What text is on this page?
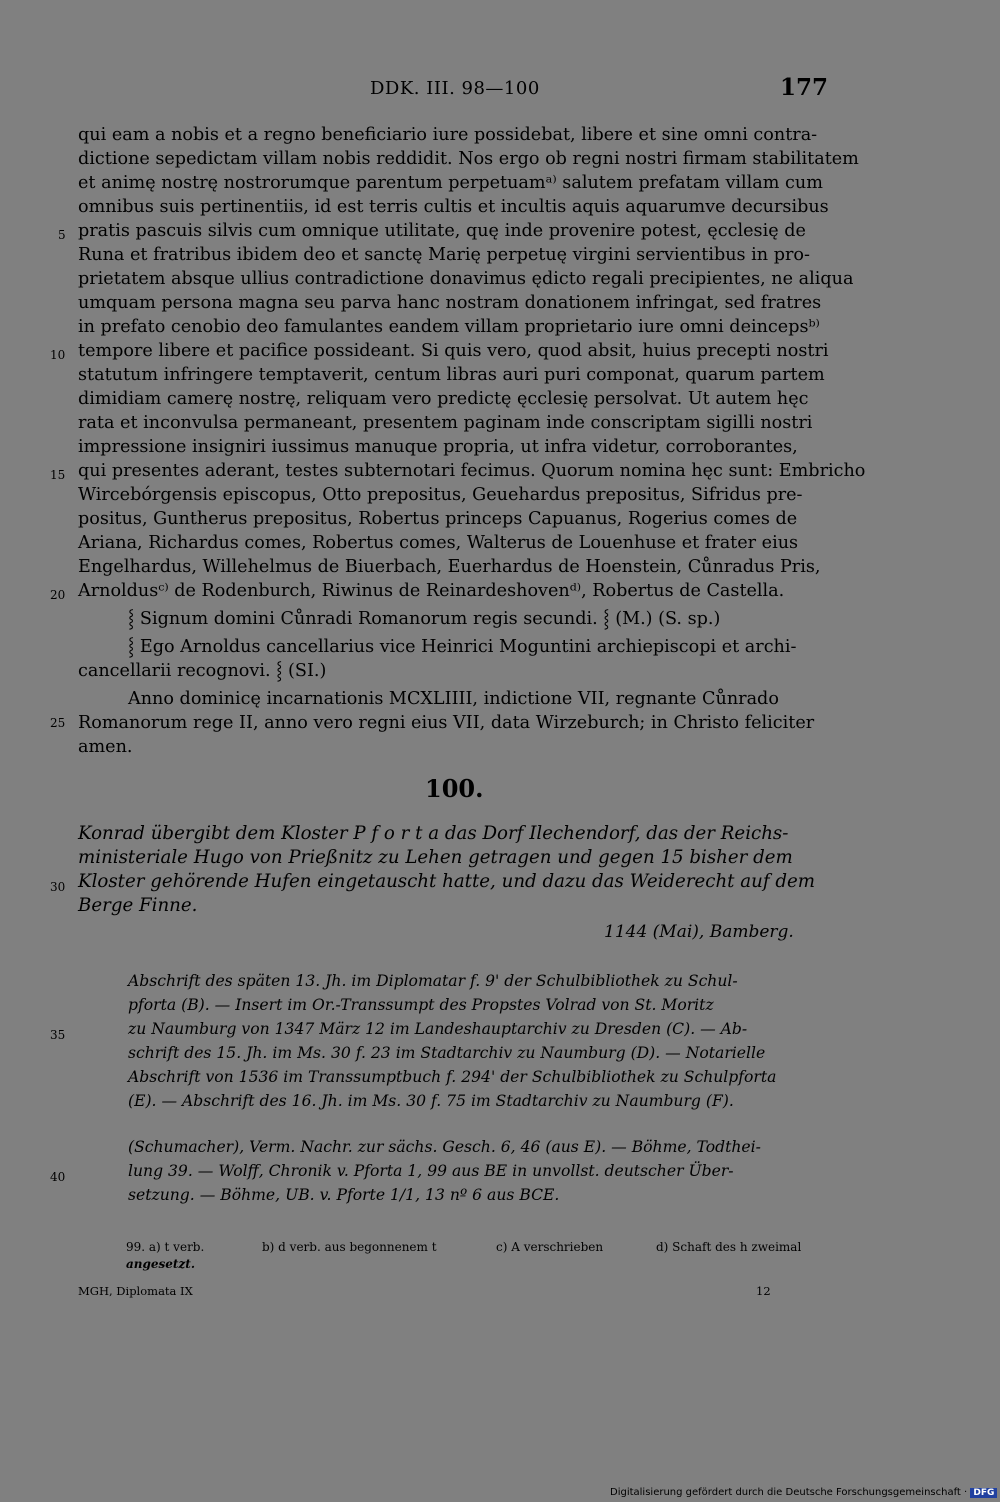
DDK. III. 98—100	177
qui eam a nobis et a regno beneficiario iure possidebat, libere et sine omni contra-
dictione sepedictam villam nobis reddidit. Nos ergo ob regni nostri firmam stabilitatem
et animę nostrę nostrorumque parentum perpetuamᵃ⁾ salutem prefatam villam cum
omnibus suis pertinentiis, id est terris cultis et incultis aquis aquarumve decursibus
pratis pascuis silvis cum omnique utilitate, quę inde provenire potest, ęcclesię de
Runa et fratribus ibidem deo et sanctę Marię perpetuę virgini servientibus in pro-
prietatem absque ullius contradictione donavimus ędicto regali precipientes, ne aliqua
umquam persona magna seu parva hanc nostram donationem infringat, sed fratres
in prefato cenobio deo famulantes eandem villam proprietario iure omni deincepsᵇ⁾
tempore libere et pacifice possideant. Si quis vero, quod absit, huius precepti nostri
statutum infringere temptaverit, centum libras auri puri componat, quarum partem
dimidiam camerę nostrę, reliquam vero predictę ęcclesię persolvat. Ut autem hęc
rata et inconvulsa permaneant, presentem paginam inde conscriptam sigilli nostri
impressione insigniri iussimus manuque propria, ut infra videtur, corroborantes,
qui presentes aderant, testes subternotari fecimus. Quorum nomina hęc sunt: Embricho
Wircebórgensis episcopus, Otto prepositus, Geuehardus prepositus, Sifridus pre-
positus, Guntherus prepositus, Robertus princeps Capuanus, Rogerius comes de
Ariana, Richardus comes, Robertus comes, Walterus de Louenhuse et frater eius
Engelhardus, Willehelmus de Biuerbach, Euerhardus de Hoenstein, Cůnradus Pris,
Arnoldusᶜ⁾ de Rodenburch, Riwinus de Reinardeshovenᵈ⁾, Robertus de Castella.
5
10
15
20
25
30
35
40
⸾ Signum domini Cůnradi Romanorum regis secundi. ⸾ (M.) (S. sp.)
⸾ Ego Arnoldus cancellarius vice Heinrici Moguntini archiepiscopi et archi-
cancellarii recognovi. ⸾ (SI.)
Anno dominicę incarnationis MCXLIIII, indictione VII, regnante Cůnrado
Romanorum rege II, anno vero regni eius VII, data Wirzeburch; in Christo feliciter
amen.
100.
Konrad übergibt dem Kloster P f o r t a das Dorf Ilechendorf, das der Reichs-
ministeriale Hugo von Prießnitz zu Lehen getragen und gegen 15 bisher dem
Kloster gehörende Hufen eingetauscht hatte, und dazu das Weiderecht auf dem
Berge Finne.
1144 (Mai), Bamberg.
Abschrift des späten 13. Jh. im Diplomatar f. 9' der Schulbibliothek zu Schul-
pforta (B). — Insert im Or.-Transsumpt des Propstes Volrad von St. Moritz
zu Naumburg von 1347 März 12 im Landeshauptarchiv zu Dresden (C). — Ab-
schrift des 15. Jh. im Ms. 30 f. 23 im Stadtarchiv zu Naumburg (D). — Notarielle
Abschrift von 1536 im Transsumptbuch f. 294' der Schulbibliothek zu Schulpforta
(E). — Abschrift des 16. Jh. im Ms. 30 f. 75 im Stadtarchiv zu Naumburg (F).
(Schumacher), Verm. Nachr. zur sächs. Gesch. 6, 46 (aus E). — Böhme, Todthei-
lung 39. — Wolff, Chronik v. Pforta 1, 99 aus BE in unvollst. deutscher Über-
setzung. — Böhme, UB. v. Pforte 1/1, 13 nº 6 aus BCE.
99. a) t verb.
angesetzt.
b) d verb. aus begonnenem t	c) A verschrieben	d) Schaft des h zweimal
MGH, Diplomata IX	12
Digitalisierung gefördert durch die Deutsche Forschungsgemeinschaft · DFG
